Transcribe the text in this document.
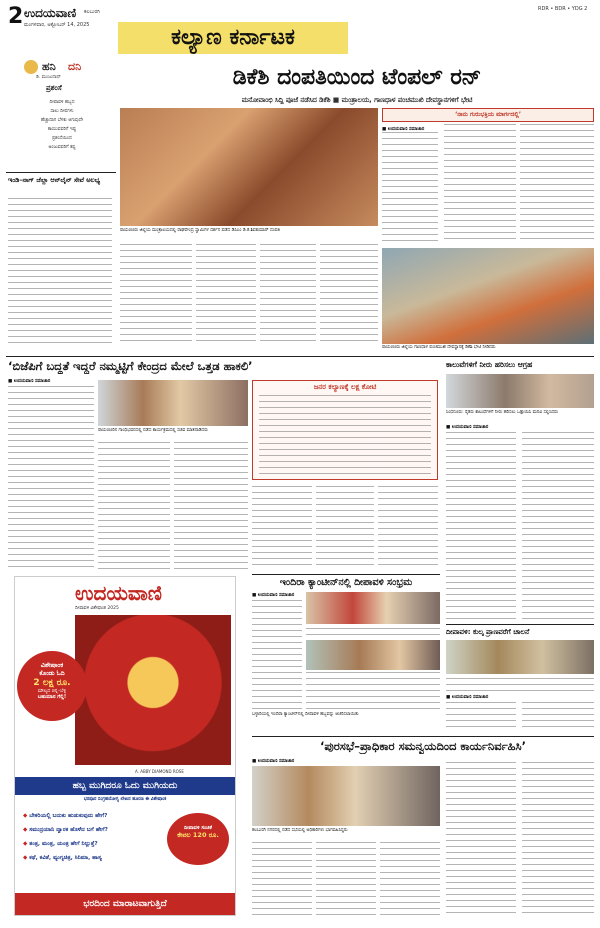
2 ಉದಯವಾಣಿ ಕಲಬುರಗಿ
ಮಂಗಳವಾರ, ಅಕ್ಟೋಬರ್ 14, 2025	ಕಲ್ಯಾಣ ಕರ್ನಾಟಕ
RDR • BDR • YDG 2
ಹನಿ ದನಿ
ಡಿ. ಮಂಜುನಾಥ್
ಪ್ರಶಂಸೆ
ದೀಪಾವಳಿ ಹಬ್ಬದ
ಸಾಲು ದೀಪಗಳು
ಹೆಚ್ಚಾದಾಗ ಬೆಳಕು ಆಗುವುದೇ
ಕಾಯುವವರಿಗೆ ಇಷ್ಟ
ಪ್ರಶಂಸೆಯಿಂದ
ಅಂಜುವವರಿಗೆ ಕಷ್ಟ
ಇಂಡಿ–ನಾಗ್‌ ಜೆಲ್ಲಾ ಆನ್‌ಲೈನ್‌ ಸೇವೆ ಅಲಭ್ಯ
ಡಿಕೆಶಿ ದಂಪತಿಯಿಂದ ಟೆಂಪಲ್‌ ರನ್‌
ಮನೋವಾಂಛಿ ಸಿದ್ದಿ ಪೂಜೆ ನಡೆಸಿದ ಡಿಕೆಶಿ ■ ಮಂತ್ರಾಲಯ, ಗಾಣಧಾಳ ಪಂಚಮುಖಿ ದೇವಸ್ಥಾನಗಳಿಗೆ ಭೇಟಿ
ರಾಯಚೂರು ಜಿಲ್ಲೆಯ ಮಂತ್ರಾಲಯದಲ್ಲಿ ರಾಘವೇಂದ್ರ ಸ್ವಾಮಿಗಳ ದರ್ಶನ ಪಡೆದ ಡಿಸಿಎಂ ಡಿ.ಕೆ.ಶಿವಕುಮಾರ್ ದಂಪತಿ
‘ನಾನು ಗುರುಭಕ್ತಿಯ ಮಾರ್ಗದಲ್ಲಿ’
■ ಉದಯವಾಣಿ ಸಮಾಚಾರ
ರಾಯಚೂರು ಜಿಲ್ಲೆಯ ಗಾಣಧಾಳ ಪಂಚಮುಖಿ ದೇವಸ್ಥಾನಕ್ಕೆ ಡಿಕೆಶಿ ಭೇಟಿ ನೀಡಿದರು
‘ಬಿಜೆಪಿಗೆ ಬದ್ಧತೆ ಇದ್ದರೆ ನಮ್ಮಟ್ಟಿಗೆ ಕೇಂದ್ರದ ಮೇಲೆ ಒತ್ತಡ ಹಾಕಲಿ’
■ ಉದಯವಾಣಿ ಸಮಾಚಾರ
ರಾಯಚೂರಿನ ಗಾಂಧಿಭವನದಲ್ಲಿ ನಡೆದ ಕಾರ್ಯಕ್ರಮದಲ್ಲಿ ಸಚಿವ ಮಾತನಾಡಿದರು
ಜನರ ಕಲ್ಯಾಣಕ್ಕೆ ಲಕ್ಷ ಕೋಟಿ
ಕಾಲುವೆಗಳಿಗೆ ನೀರು ಹರಿಸಲು ಆಗ್ರಹ
ಸಿಂಧನೂರು: ರೈತರು ಕಾಲುವೆಗಳಿಗೆ ನೀರು ಹರಿಸಲು ಒತ್ತಾಯಿಸಿ ಮನವಿ ಸಲ್ಲಿಸಿದರು
■ ಉದಯವಾಣಿ ಸಮಾಚಾರ
ಇಂದಿರಾ ಕ್ಯಾಂಟೀನ್‌ನಲ್ಲಿ ದೀಪಾವಳಿ ಸಂಭ್ರಮ
■ ಉದಯವಾಣಿ ಸಮಾಚಾರ
ಬಳ್ಳಾರಿಯಲ್ಲಿ ಇಂದಿರಾ ಕ್ಯಾಂಟೀನ್‌ನಲ್ಲಿ ದೀಪಾವಳಿ ಹಬ್ಬವನ್ನು ಆಚರಿಸಲಾಯಿತು
ದೀಪಾವಳಿ: ಕುಲ್ಕ ಪ್ರಾಣವರೆಗೆ ಚಾಲನೆ
■ ಉದಯವಾಣಿ ಸಮಾಚಾರ
‘ಪುರಸಭೆ–ಪ್ರಾಧಿಕಾರ ಸಮನ್ವಯದಿಂದ ಕಾರ್ಯನಿರ್ವಹಿಸಿ’
■ ಉದಯವಾಣಿ ಸಮಾಚಾರ
ಕಲಬುರಗಿ ನಗರದಲ್ಲಿ ನಡೆದ ಸಭೆಯಲ್ಲಿ ಅಧಿಕಾರಿಗಳು ಭಾಗವಹಿಸಿದ್ದರು
ಉದಯವಾಣಿ
ದೀಪಾವಳಿ ವಿಶೇಷಾಂಕ 2025
ವಿಶೇಷಾಂಕ
ಕೊಂಡು ಓದಿ
2 ಲಕ್ಷ ರೂ.
ಮೌಲ್ಯದ ಚಿನ್ನ–ಬೆಳ್ಳಿ
ಬಹುಮಾನ ಗೆಲ್ಲಿ!
A. ABBY DIAMOND ROSE
ಹಬ್ಬ ಮುಗಿದರೂ ಓದು ಮುಗಿಯದು
ಭರಪೂರ ಸಂಗ್ರಹಯೋಗ್ಯ ಲೇಖನ ಹೂರಣ ಈ ವಿಶೇಷಾಂಕ
◆ ಬೇಕರಿಯಲ್ಲಿ ಬದುಕು ಹುಡುಕುವುದು ಹೇಗೆ?
◆ ಸಮುದ್ರಯಾನಿ ದ್ವಾರಕ ಹೊಳೆದ ಬಗೆ ಹೇಗೆ?
◆ ತಂತ್ರ, ಮಂತ್ರ, ಯಂತ್ರ ಹೇಗೆ ನಿಲ್ಲುತ್ತೆ?
◆ ಕಥೆ, ಕವಿತೆ, ವ್ಯಂಗ್ಯಚಿತ್ರ, ಸಿನಿಮಾ, ಹಾಸ್ಯ
ದೀಪಾವಳಿ ಸಂಚಿಕೆ
ಕೇವಲ 120 ರೂ.
ಭರದಿಂದ ಮಾರಾಟವಾಗುತ್ತಿದೆ
